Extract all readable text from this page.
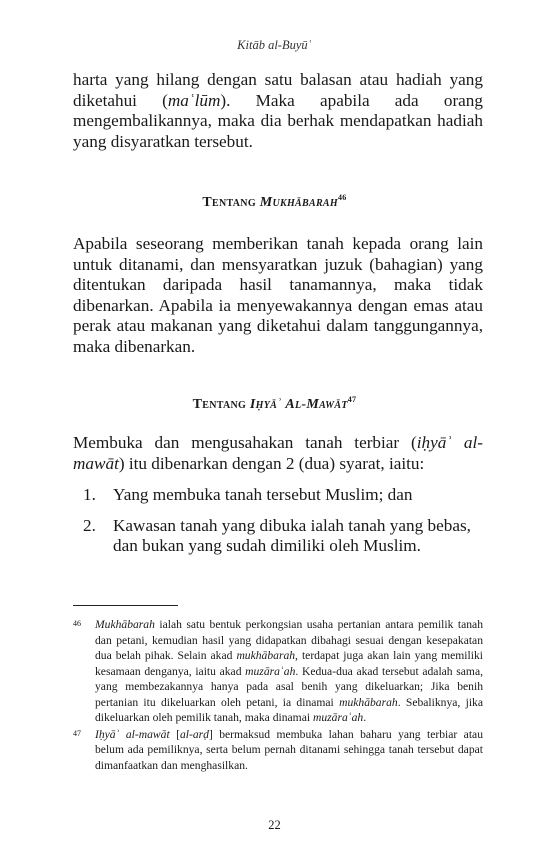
Kitāb al-Buyūʿ

harta yang hilang dengan satu balasan atau hadiah yang diketahui (maʿlūm). Maka apabila ada orang mengembalikannya, maka dia berhak mendapatkan hadiah yang disyaratkan tersebut.

Tentang Mukhābarah$^{46}$

Apabila seseorang memberikan tanah kepada orang lain untuk ditanami, dan mensyaratkan juzuk (bahagian) yang ditentukan daripada hasil tanamannya, maka tidak dibenarkan. Apabila ia menyewakannya dengan emas atau perak atau makanan yang diketahui dalam tanggungannya, maka dibenarkan.

Tentang Iḥyāʾ Al-Mawāt$^{47}$

Membuka dan mengusahakan tanah terbiar (iḥyāʾ al-mawāt) itu dibenarkan dengan 2 (dua) syarat, iaitu:

1. Yang membuka tanah tersebut Muslim; dan
2. Kawasan tanah yang dibuka ialah tanah yang bebas, dan bukan yang sudah dimiliki oleh Muslim.
46	Mukhābarah ialah satu bentuk perkongsian usaha pertanian antara pemilik tanah dan petani, kemudian hasil yang didapatkan dibahagi sesuai dengan kesepakatan dua belah pihak. Selain akad mukhābarah, terdapat juga akan lain yang memiliki kesamaan denganya, iaitu akad muzāraʿah. Kedua-dua akad tersebut adalah sama, yang membezakannya hanya pada asal benih yang dikeluarkan; Jika benih pertanian itu dikeluarkan oleh petani, ia dinamai mukhābarah. Sebaliknya, jika dikeluarkan oleh pemilik tanah, maka dinamai muzāraʿah.
47	Iḥyāʾ al-mawāt [al-arḍ] bermaksud membuka lahan baharu yang terbiar atau belum ada pemiliknya, serta belum pernah ditanami sehingga tanah tersebut dapat dimanfaatkan dan menghasilkan.
22
